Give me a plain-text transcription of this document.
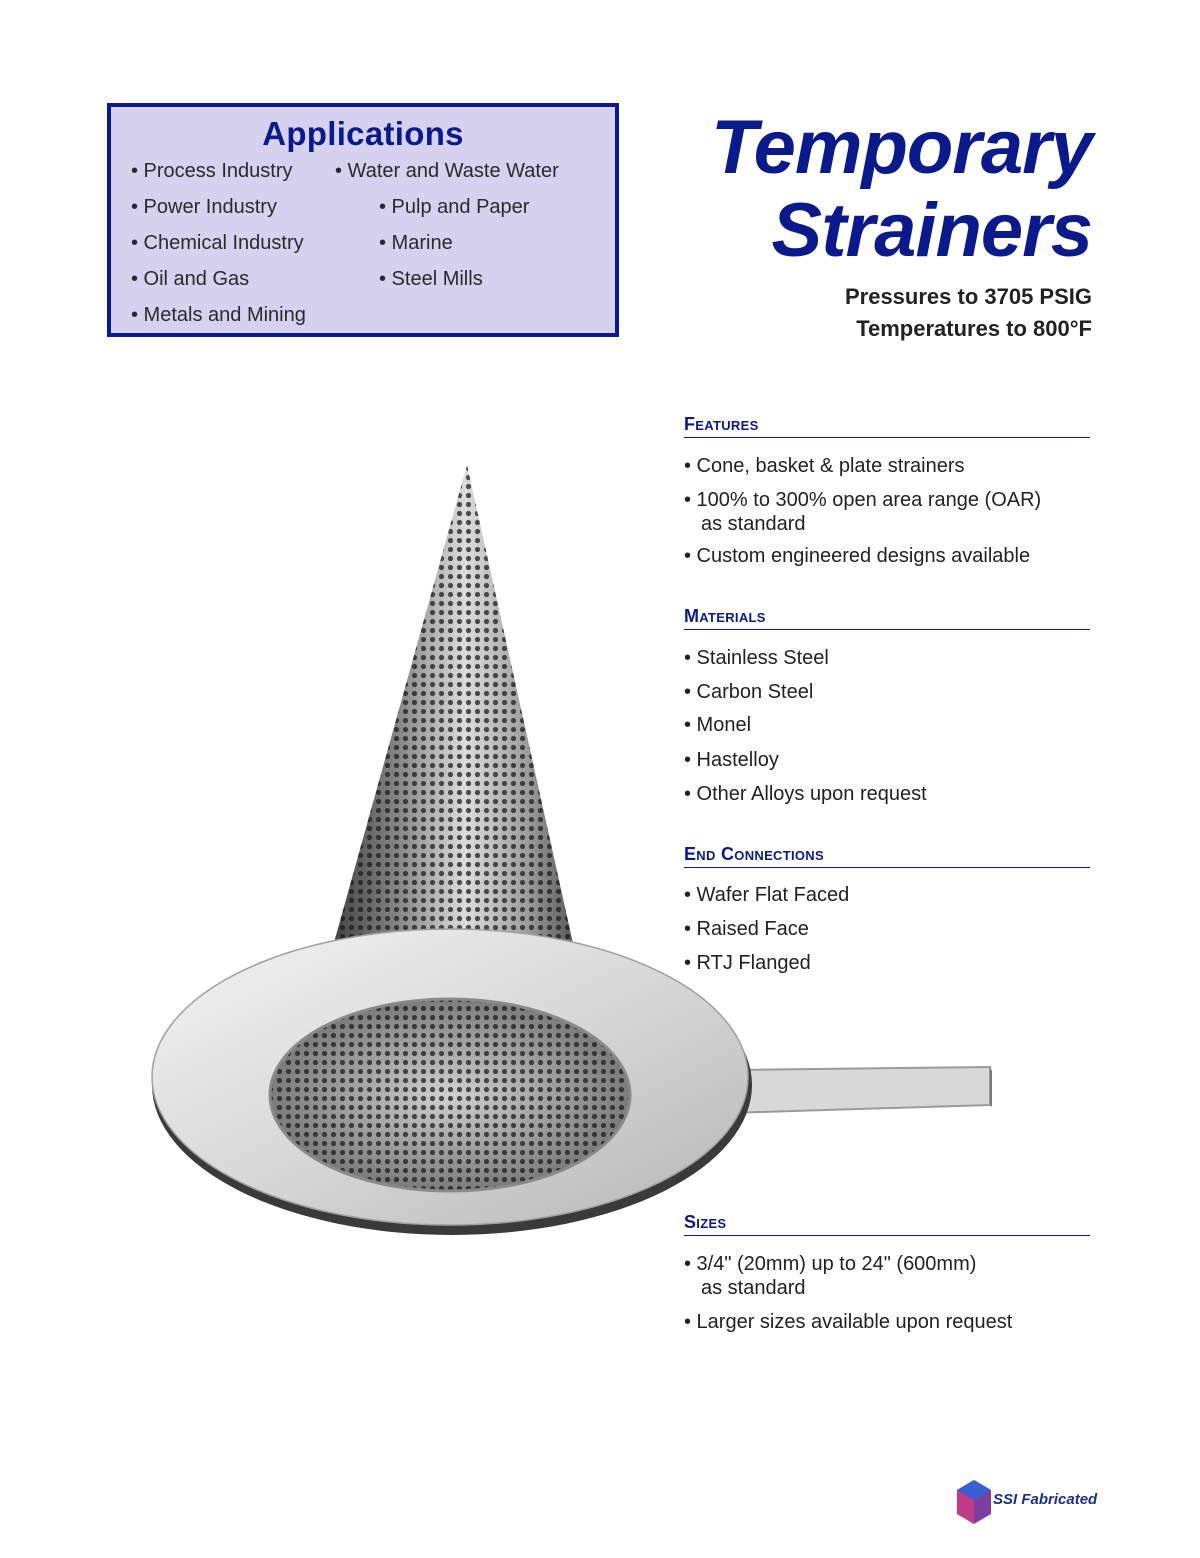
Applications
• Process Industry
• Power Industry
• Chemical Industry
• Oil and Gas
• Metals and Mining
• Water and Waste Water
• Pulp and Paper
• Marine
• Steel Mills
Temporary
Strainers
Pressures to 3705 PSIG
Temperatures to 800°F
Features
• Cone, basket & plate strainers
• 100% to 300% open area range (OAR)
as standard
• Custom engineered designs available
Materials
• Stainless Steel
• Carbon Steel
• Monel
• Hastelloy
• Other Alloys upon request
End Connections
• Wafer Flat Faced
• Raised Face
• RTJ Flanged
Sizes
• 3/4" (20mm) up to 24" (600mm)
as standard
• Larger sizes available upon request
SSI Fabricated
